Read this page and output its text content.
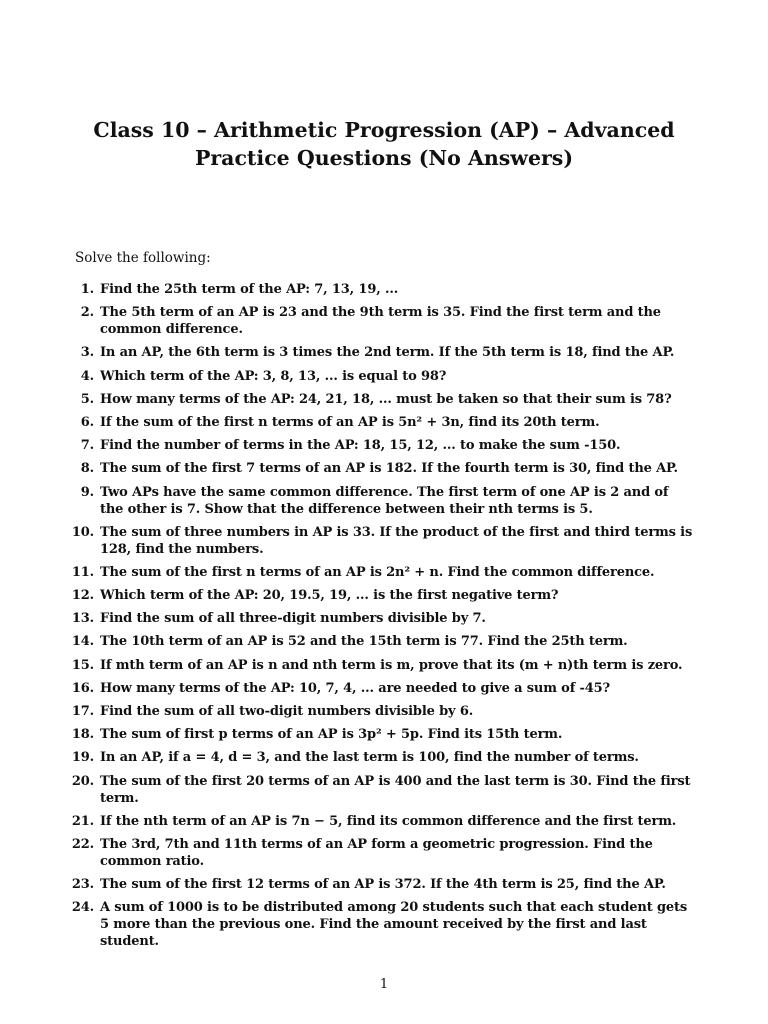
Class 10 – Arithmetic Progression (AP) – Advanced Practice Questions (No Answers)

Solve the following:

1. Find the 25th term of the AP: 7, 13, 19, ...
2. The 5th term of an AP is 23 and the 9th term is 35. Find the first term and the common difference.
3. In an AP, the 6th term is 3 times the 2nd term. If the 5th term is 18, find the AP.
4. Which term of the AP: 3, 8, 13, ... is equal to 98?
5. How many terms of the AP: 24, 21, 18, ... must be taken so that their sum is 78?
6. If the sum of the first n terms of an AP is 5n² + 3n, find its 20th term.
7. Find the number of terms in the AP: 18, 15, 12, ... to make the sum -150.
8. The sum of the first 7 terms of an AP is 182. If the fourth term is 30, find the AP.
9. Two APs have the same common difference. The first term of one AP is 2 and of the other is 7. Show that the difference between their nth terms is 5.
10. The sum of three numbers in AP is 33. If the product of the first and third terms is 128, find the numbers.
11. The sum of the first n terms of an AP is 2n² + n. Find the common difference.
12. Which term of the AP: 20, 19.5, 19, ... is the first negative term?
13. Find the sum of all three-digit numbers divisible by 7.
14. The 10th term of an AP is 52 and the 15th term is 77. Find the 25th term.
15. If mth term of an AP is n and nth term is m, prove that its (m + n)th term is zero.
16. How many terms of the AP: 10, 7, 4, ... are needed to give a sum of -45?
17. Find the sum of all two-digit numbers divisible by 6.
18. The sum of first p terms of an AP is 3p² + 5p. Find its 15th term.
19. In an AP, if a = 4, d = 3, and the last term is 100, find the number of terms.
20. The sum of the first 20 terms of an AP is 400 and the last term is 30. Find the first term.
21. If the nth term of an AP is 7n − 5, find its common difference and the first term.
22. The 3rd, 7th and 11th terms of an AP form a geometric progression. Find the common ratio.
23. The sum of the first 12 terms of an AP is 372. If the 4th term is 25, find the AP.
24. A sum of 1000 is to be distributed among 20 students such that each student gets 5 more than the previous one. Find the amount received by the first and last student.

1
